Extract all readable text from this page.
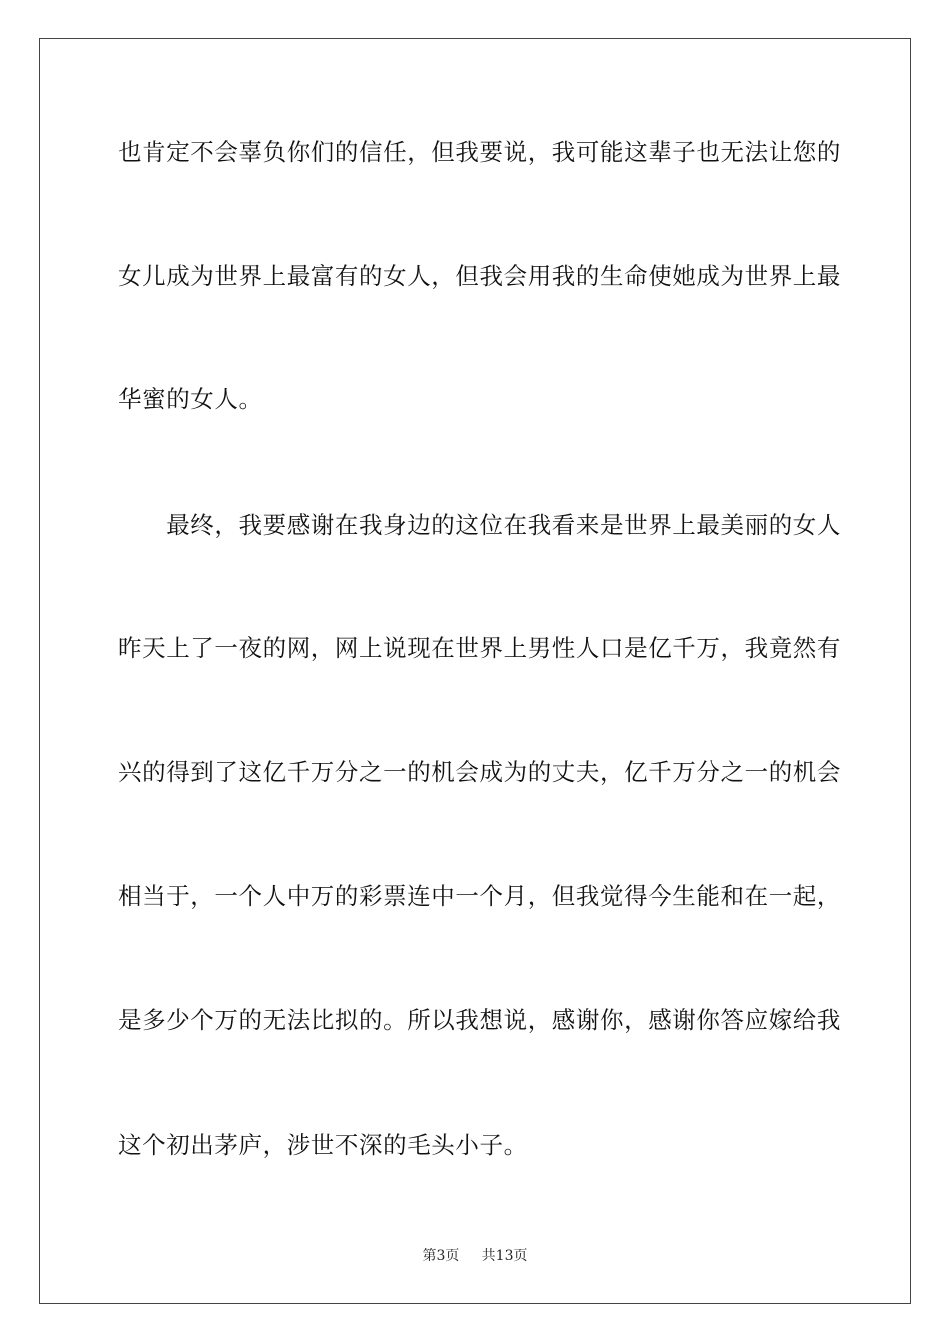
也肯定不会辜负你们的信任，但我要说，我可能这辈子也无法让您的
女儿成为世界上最富有的女人，但我会用我的生命使她成为世界上最
华蜜的女人。
　　最终，我要感谢在我身边的这位在我看来是世界上最美丽的女人
昨天上了一夜的网，网上说现在世界上男性人口是亿千万，我竟然有
兴的得到了这亿千万分之一的机会成为的丈夫，亿千万分之一的机会
相当于，一个人中万的彩票连中一个月，但我觉得今生能和在一起，
是多少个万的无法比拟的。所以我想说，感谢你，感谢你答应嫁给我
这个初出茅庐，涉世不深的毛头小子。
第3页 共13页
